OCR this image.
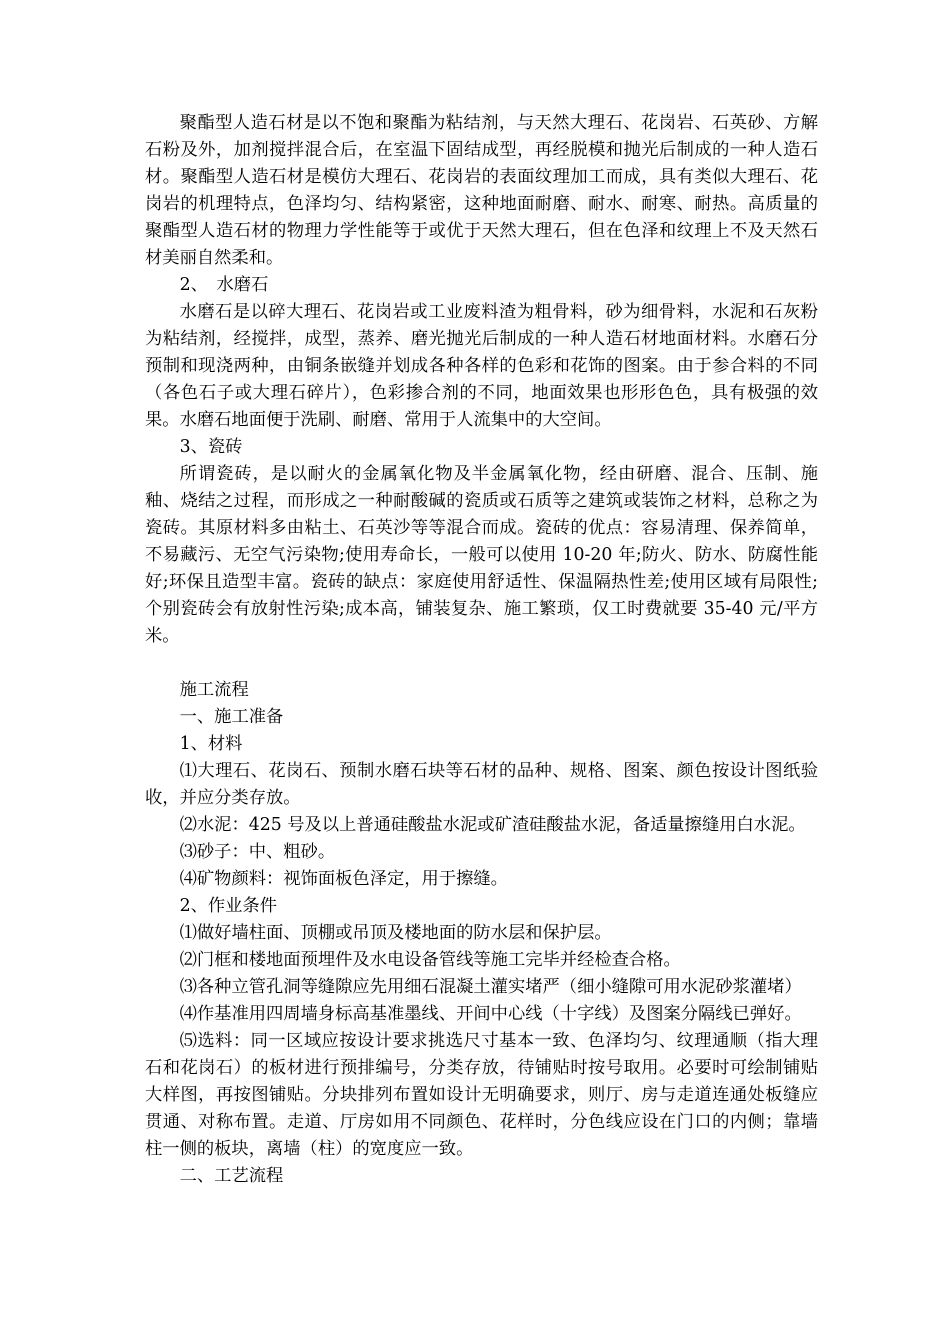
聚酯型人造石材是以不饱和聚酯为粘结剂，与天然大理石、花岗岩、石英砂、方解石粉及外，加剂搅拌混合后，在室温下固结成型，再经脱模和抛光后制成的一种人造石材。聚酯型人造石材是模仿大理石、花岗岩的表面纹理加工而成，具有类似大理石、花岗岩的机理特点，色泽均匀、结构紧密，这种地面耐磨、耐水、耐寒、耐热。高质量的聚酯型人造石材的物理力学性能等于或优于天然大理石，但在色泽和纹理上不及天然石材美丽自然柔和。

2、　水磨石

水磨石是以碎大理石、花岗岩或工业废料渣为粗骨料，砂为细骨料，水泥和石灰粉为粘结剂，经搅拌，成型，蒸养、磨光抛光后制成的一种人造石材地面材料。水磨石分预制和现浇两种，由铜条嵌缝并划成各种各样的色彩和花饰的图案。由于参合料的不同（各色石子或大理石碎片），色彩掺合剂的不同，地面效果也形形色色，具有极强的效果。水磨石地面便于洗刷、耐磨、常用于人流集中的大空间。

3、瓷砖

所谓瓷砖，是以耐火的金属氧化物及半金属氧化物，经由研磨、混合、压制、施釉、烧结之过程，而形成之一种耐酸碱的瓷质或石质等之建筑或装饰之材料，总称之为瓷砖。其原材料多由粘土、石英沙等等混合而成。瓷砖的优点：容易清理、保养简单，不易藏污、无空气污染物;使用寿命长，一般可以使用 10-20 年;防火、防水、防腐性能好;环保且造型丰富。瓷砖的缺点：家庭使用舒适性、保温隔热性差;使用区域有局限性;个别瓷砖会有放射性污染;成本高，铺装复杂、施工繁琐，仅工时费就要 35-40 元/平方米。

施工流程

一、施工准备

1、材料

⑴大理石、花岗石、预制水磨石块等石材的品种、规格、图案、颜色按设计图纸验收，并应分类存放。

⑵水泥：425 号及以上普通硅酸盐水泥或矿渣硅酸盐水泥，备适量擦缝用白水泥。

⑶砂子：中、粗砂。

⑷矿物颜料：视饰面板色泽定，用于擦缝。

2、作业条件

⑴做好墙柱面、顶棚或吊顶及楼地面的防水层和保护层。

⑵门框和楼地面预埋件及水电设备管线等施工完毕并经检查合格。

⑶各种立管孔洞等缝隙应先用细石混凝土灌实堵严（细小缝隙可用水泥砂浆灌堵）

⑷作基准用四周墙身标高基准墨线、开间中心线（十字线）及图案分隔线已弹好。

⑸选料：同一区域应按设计要求挑选尺寸基本一致、色泽均匀、纹理通顺（指大理石和花岗石）的板材进行预排编号，分类存放，待铺贴时按号取用。必要时可绘制铺贴大样图，再按图铺贴。分块排列布置如设计无明确要求，则厅、房与走道连通处板缝应贯通、对称布置。走道、厅房如用不同颜色、花样时，分色线应设在门口的内侧；靠墙柱一侧的板块，离墙（柱）的宽度应一致。

二、工艺流程
